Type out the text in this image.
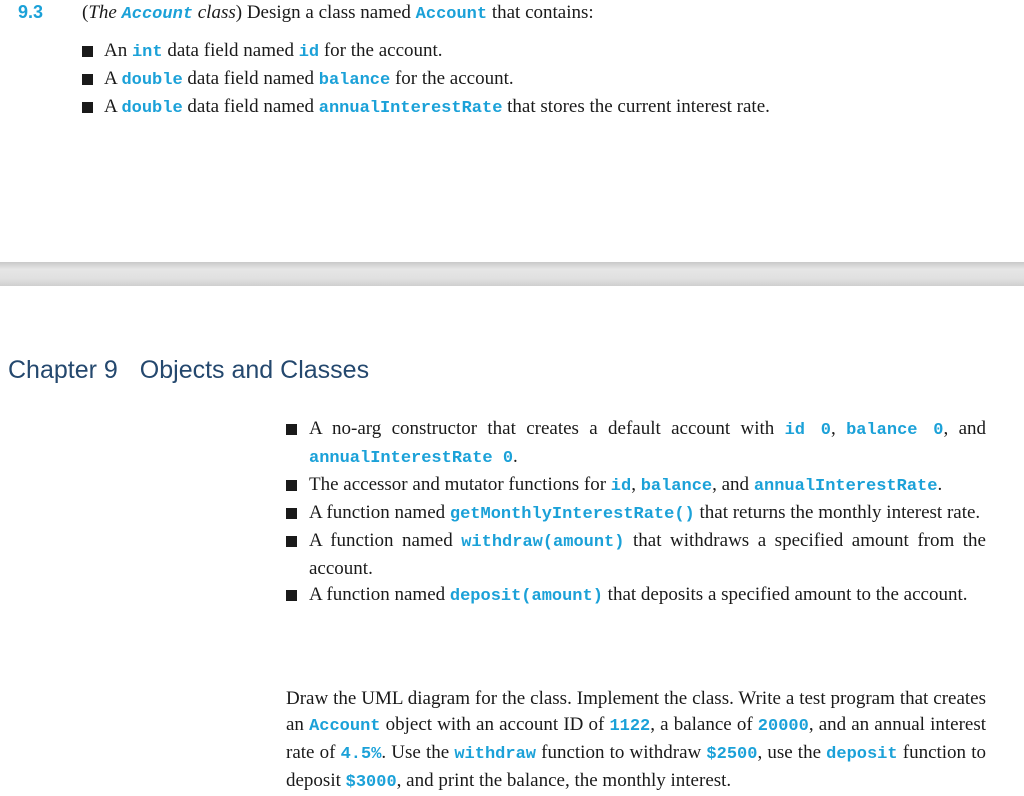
9.3 (The Account class) Design a class named Account that contains:
An int data field named id for the account.
A double data field named balance for the account.
A double data field named annualInterestRate that stores the current interest rate.
Chapter 9 Objects and Classes
A no-arg constructor that creates a default account with id 0, balance 0, and annualInterestRate 0.
The accessor and mutator functions for id, balance, and annualInterestRate.
A function named getMonthlyInterestRate() that returns the monthly interest rate.
A function named withdraw(amount) that withdraws a specified amount from the account.
A function named deposit(amount) that deposits a specified amount to the account.
Draw the UML diagram for the class. Implement the class. Write a test program that creates an Account object with an account ID of 1122, a balance of 20000, and an annual interest rate of 4.5%. Use the withdraw function to withdraw $2500, use the deposit function to deposit $3000, and print the balance, the monthly interest.
